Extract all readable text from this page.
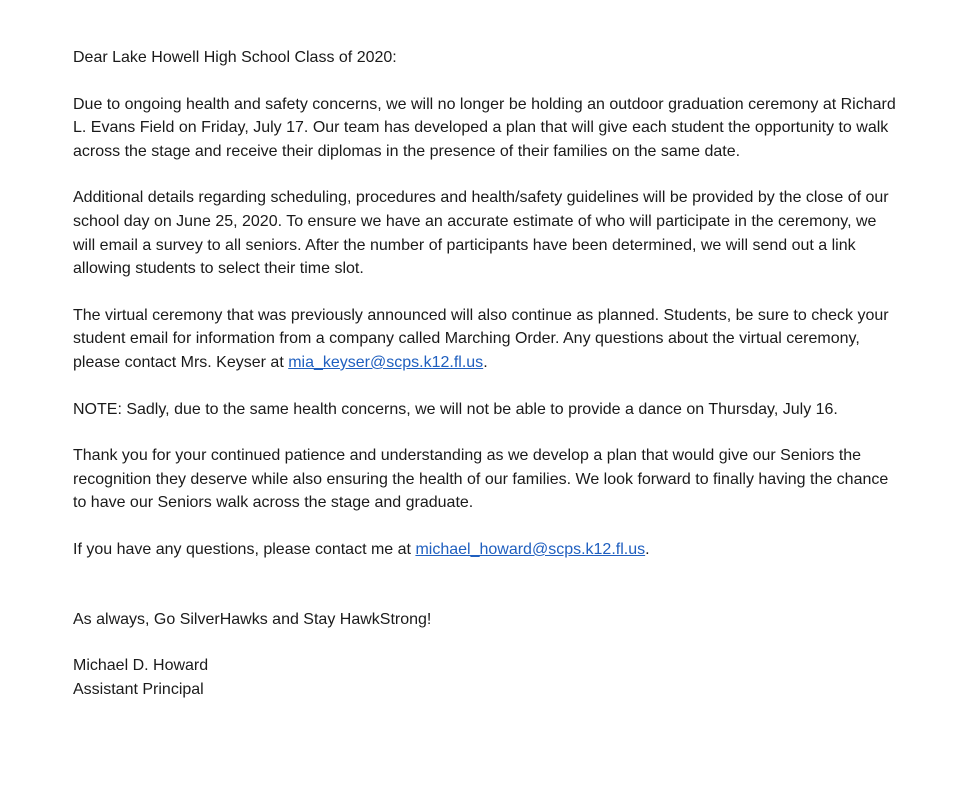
Dear Lake Howell High School Class of 2020:

Due to ongoing health and safety concerns, we will no longer be holding an outdoor graduation ceremony at Richard L. Evans Field on Friday, July 17. Our team has developed a plan that will give each student the opportunity to walk across the stage and receive their diplomas in the presence of their families on the same date.

Additional details regarding scheduling, procedures and health/safety guidelines will be provided by the close of our school day on June 25, 2020. To ensure we have an accurate estimate of who will participate in the ceremony, we will email a survey to all seniors. After the number of participants have been determined, we will send out a link allowing students to select their time slot.

The virtual ceremony that was previously announced will also continue as planned. Students, be sure to check your student email for information from a company called Marching Order. Any questions about the virtual ceremony, please contact Mrs. Keyser at mia_keyser@scps.k12.fl.us.

NOTE: Sadly, due to the same health concerns, we will not be able to provide a dance on Thursday, July 16.

Thank you for your continued patience and understanding as we develop a plan that would give our Seniors the recognition they deserve while also ensuring the health of our families. We look forward to finally having the chance to have our Seniors walk across the stage and graduate.

If you have any questions, please contact me at michael_howard@scps.k12.fl.us.

As always, Go SilverHawks and Stay HawkStrong!

Michael D. Howard
Assistant Principal
